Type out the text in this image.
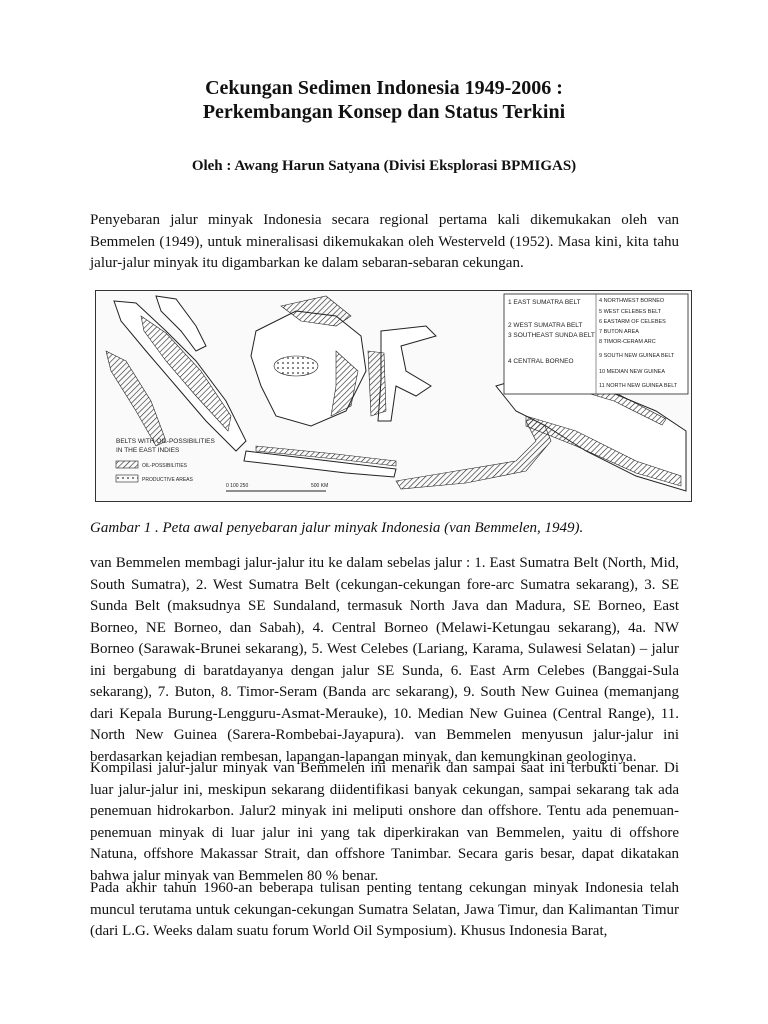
Cekungan Sedimen Indonesia 1949-2006 :
Perkembangan Konsep dan Status Terkini
Oleh : Awang Harun Satyana (Divisi Eksplorasi BPMIGAS)

Penyebaran jalur minyak Indonesia secara regional pertama kali dikemukakan oleh van Bemmelen (1949), untuk mineralisasi dikemukakan oleh Westerveld (1952). Masa kini, kita tahu jalur-jalur minyak itu digambarkan ke dalam sebaran-sebaran cekungan.

1 EAST SUMATRA BELT
2 WEST SUMATRA BELT
3 SOUTHEAST SUNDA BELT
4 CENTRAL BORNEO
4 NORTHWEST BORNEO
5 WEST CELEBES BELT
6 EASTARM OF CELEBES
7 BUTON AREA
8 TIMOR-CERAM ARC
9 SOUTH NEW GUINEA BELT
10 MEDIAN NEW GUINEA
11 NORTH NEW GUINEA BELT
BELTS WITH OIL-POSSIBILITIES
IN THE EAST INDIES
OIL-POSSIBILITIES
PRODUCTIVE AREAS
0 100 250	500 KM
Gambar 1 . Peta awal penyebaran jalur minyak Indonesia (van Bemmelen, 1949).

van Bemmelen membagi jalur-jalur itu ke dalam sebelas jalur : 1. East Sumatra Belt (North, Mid, South Sumatra), 2. West Sumatra Belt (cekungan-cekungan fore-arc Sumatra sekarang), 3. SE Sunda Belt (maksudnya SE Sundaland, termasuk North Java dan Madura, SE Borneo, East Borneo, NE Borneo, dan Sabah), 4. Central Borneo (Melawi-Ketungau sekarang), 4a. NW Borneo (Sarawak-Brunei sekarang), 5. West Celebes (Lariang, Karama, Sulawesi Selatan) – jalur ini bergabung di baratdayanya dengan jalur SE Sunda, 6. East Arm Celebes (Banggai-Sula sekarang), 7. Buton, 8. Timor-Seram (Banda arc sekarang), 9. South New Guinea (memanjang dari Kepala Burung-Lengguru-Asmat-Merauke), 10. Median New Guinea (Central Range), 11. North New Guinea (Sarera-Rombebai-Jayapura). van Bemmelen menyusun jalur-jalur ini berdasarkan kejadian rembesan, lapangan-lapangan minyak, dan kemungkinan geologinya.

Kompilasi jalur-jalur minyak van Bemmelen ini menarik dan sampai saat ini terbukti benar. Di luar jalur-jalur ini, meskipun sekarang diidentifikasi banyak cekungan, sampai sekarang tak ada penemuan hidrokarbon. Jalur2 minyak ini meliputi onshore dan offshore. Tentu ada penemuan-penemuan minyak di luar jalur ini yang tak diperkirakan van Bemmelen, yaitu di offshore Natuna, offshore Makassar Strait, dan offshore Tanimbar. Secara garis besar, dapat dikatakan bahwa jalur minyak van Bemmelen 80 % benar.

Pada akhir tahun 1960-an beberapa tulisan penting tentang cekungan minyak Indonesia telah muncul terutama untuk cekungan-cekungan Sumatra Selatan, Jawa Timur, dan Kalimantan Timur (dari L.G. Weeks dalam suatu forum World Oil Symposium). Khusus Indonesia Barat,
